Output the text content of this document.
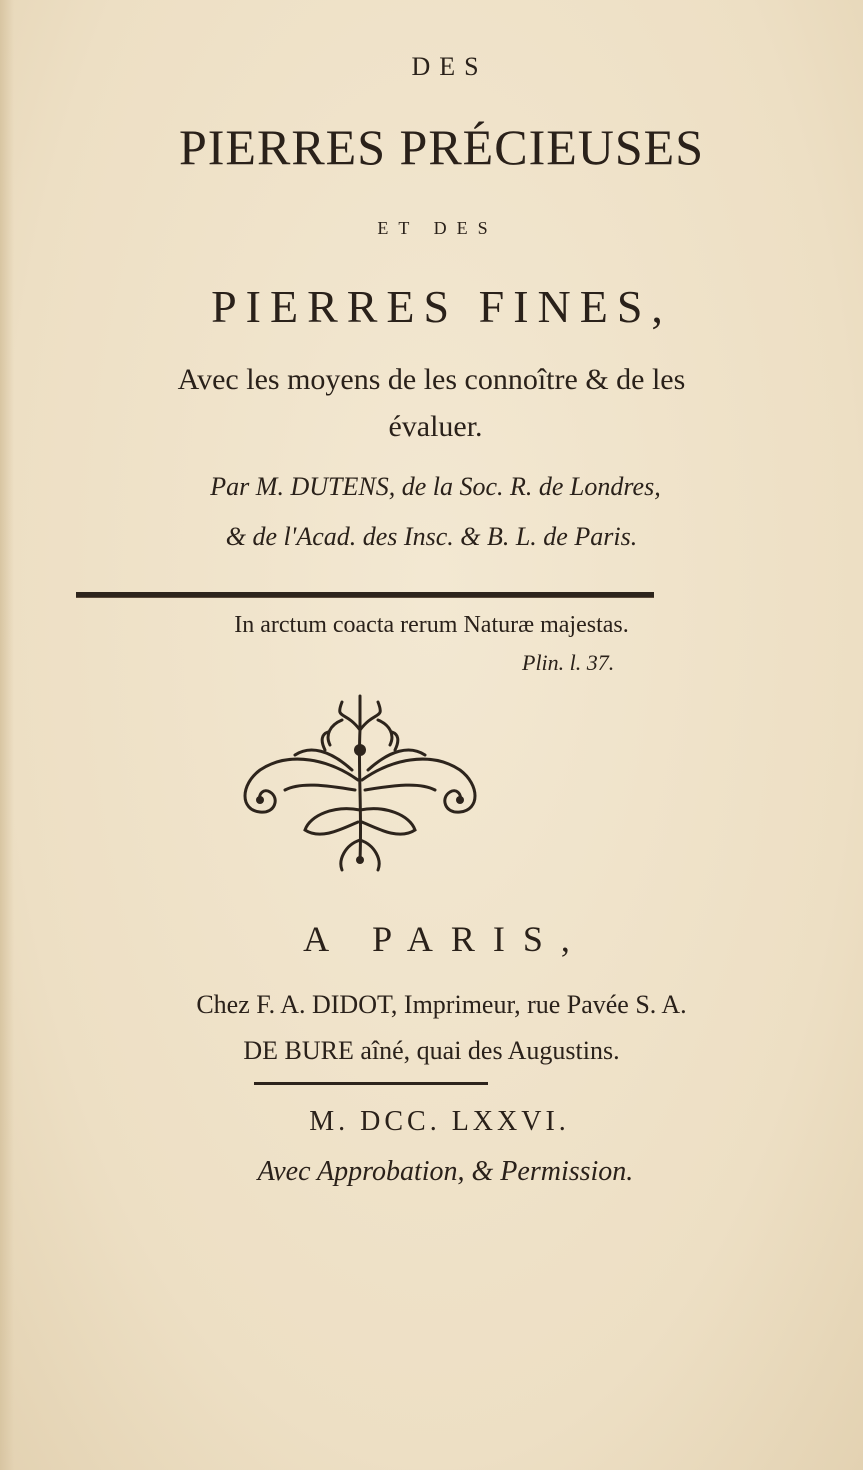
DES
PIERRES PRÉCIEUSES
ET DES
PIERRES FINES,
Avec les moyens de les connoître & de les
évaluer.
Par M. DUTENS, de la Soc. R. de Londres,
& de l'Acad. des Insc. & B. L. de Paris.
In arctum coacta rerum Naturæ majestas.
Plin. l. 37.
A PARIS,
Chez F. A. DIDOT, Imprimeur, rue Pavée S. A.
DE BURE aîné, quai des Augustins.
M. DCC. LXXVI.
Avec Approbation, & Permission.
